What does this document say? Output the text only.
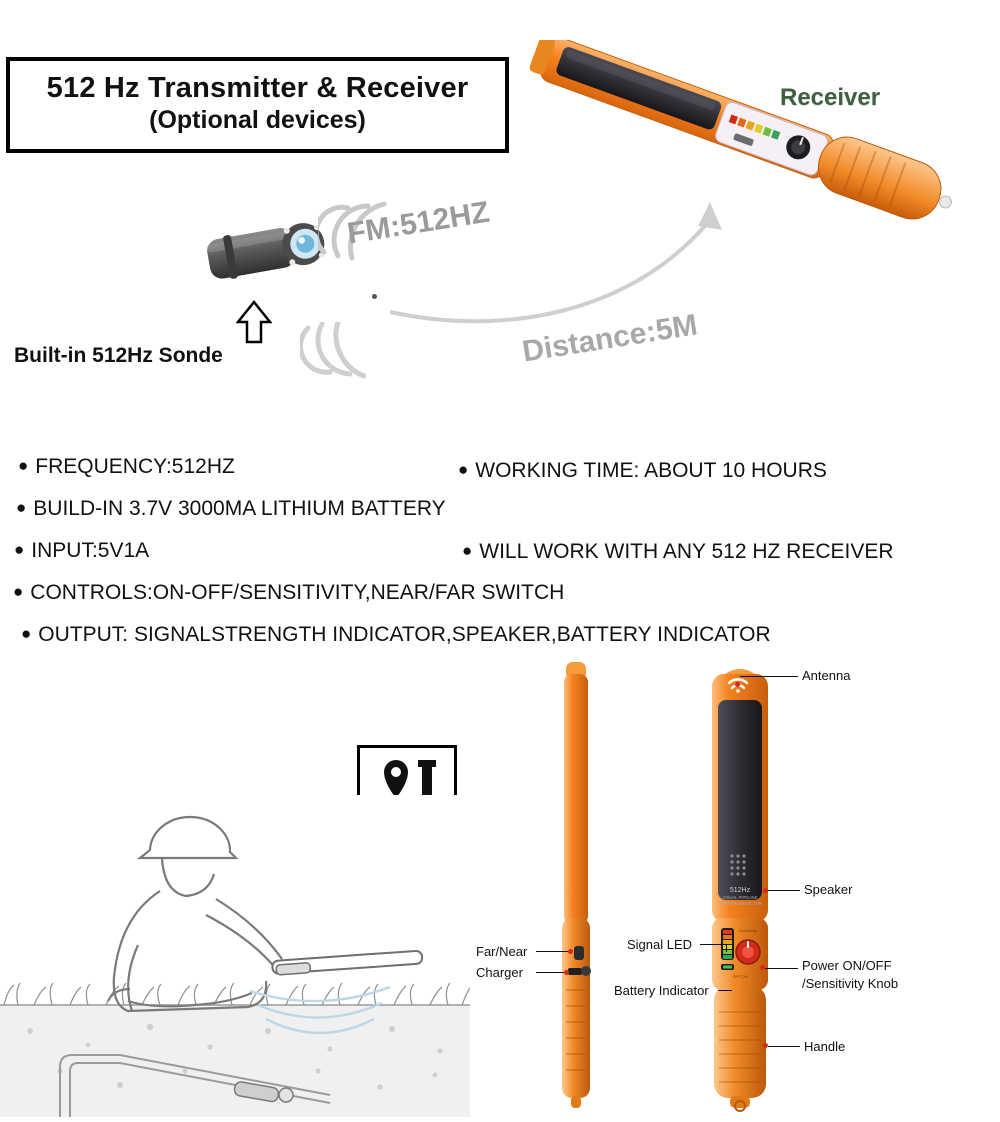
512 Hz Transmitter & Receiver
(Optional devices)
Receiver
FM:512HZ
Distance:5M
Built-in 512Hz Sonde
● FREQUENCY:512HZ
● BUILD-IN 3.7V 3000MA LITHIUM BATTERY
● INPUT:5V1A
● CONTROLS:ON-OFF/SENSITIVITY,NEAR/FAR SWITCH
● OUTPUT: SIGNALSTRENGTH INDICATOR,SPEAKER,BATTERY INDICATOR
● WORKING TIME: ABOUT 10 HOURS
● WILL WORK WITH ANY 512 HZ RECEIVER
512Hz
VISUAL PIPELINE
POSITION DETECTOR
Sensitivity
OFF ON
Antenna
Speaker
Signal LED
Battery Indicator
Power ON/OFF
/Sensitivity Knob
Handle
Far/Near
Charger
